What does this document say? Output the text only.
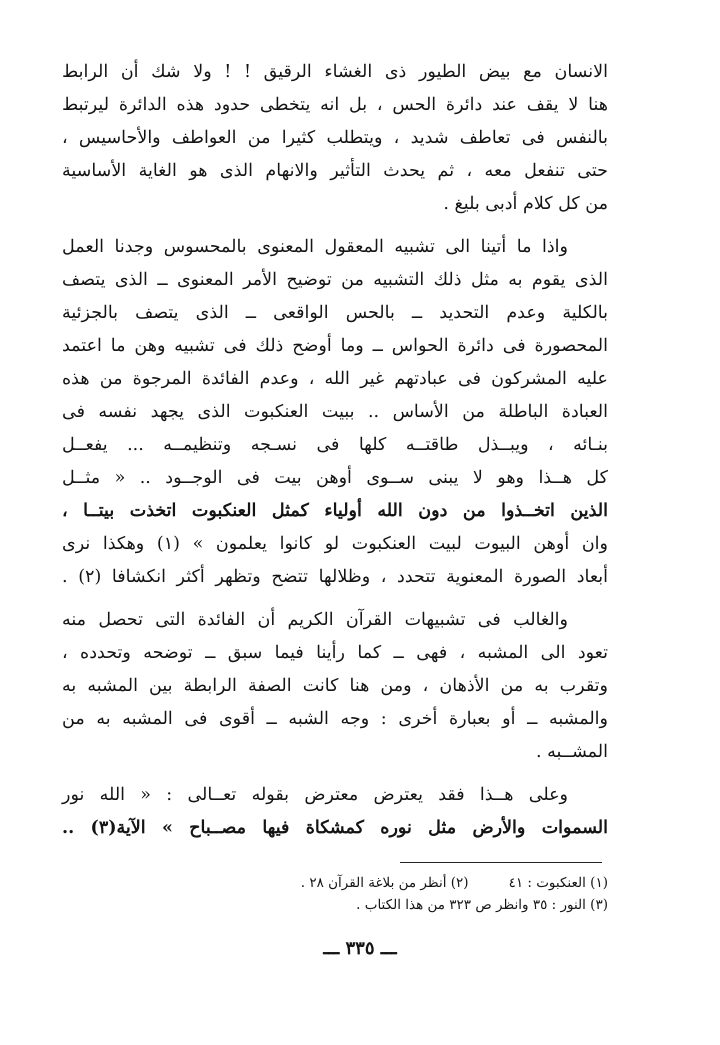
الانسان مع بيض الطيور ذى الغشاء الرقيق ! ! ولا شك أن الرابط
هنا لا يقف عند دائرة الحس ، بل انه يتخطى حدود هذه الدائرة ليرتبط
بالنفس فى تعاطف شديد ، ويتطلب كثيرا من العواطف والأحاسيس ،
حتى تنفعل معه ، ثم يحدث التأثير والانهام الذى هو الغاية الأساسية
من كل كلام أدبى بليغ .
واذا ما أتينا الى تشبيه المعقول المعنوى بالمحسوس وجدنا العمل
الذى يقوم به مثل ذلك التشبيه من توضيح الأمر المعنوى ــ الذى يتصف
بالكلية وعدم التحديد ــ بالحس الواقعى ــ الذى يتصف بالجزئية
المحصورة فى دائرة الحواس ــ وما أوضح ذلك فى تشبيه وهن ما اعتمد
عليه المشركون فى عبادتهم غير الله ، وعدم الفائدة المرجوة من هذه
العبادة الباطلة من الأساس .. ببيت العنكبوت الذى يجهد نفسه فى
بنـائه ، ويبــذل طاقتــه كلها فى نسـجه وتنظيمــه ... يفعــل
كل هــذا وهو لا يبنى ســوى أوهن بيت فى الوجــود .. « مثــل
الذين اتخــذوا من دون الله أولياء كمثل العنكبوت اتخذت بيتــا ،
وان أوهن البيوت لبيت العنكبوت لو كانوا يعلمون » (١) وهكذا نرى
أبعاد الصورة المعنوية تتحدد ، وظلالها تتضح وتظهر أكثر انكشافا (٢) .
والغالب فى تشبيهات القرآن الكريم أن الفائدة التى تحصل منه
تعود الى المشبه ، فهى ــ كما رأينا فيما سبق ــ توضحه وتحدده ،
وتقرب به من الأذهان ، ومن هنا كانت الصفة الرابطة بين المشبه به
والمشبه ــ أو بعبارة أخرى : وجه الشبه ــ أقوى فى المشبه به من
المشــبه .
وعلى هــذا فقد يعترض معترض بقوله تعــالى : « الله نور
السموات والأرض مثل نوره كمشكاة فيها مصــباح » الآية(٣) ..
(١) العنكبوت : ٤١
(٢) أنظر من بلاغة القرآن ٢٨ .
(٣) النور : ٣٥ وانظر ص ٣٢٣ من هذا الكتاب .
ـــ ٣٣٥ ـــ
